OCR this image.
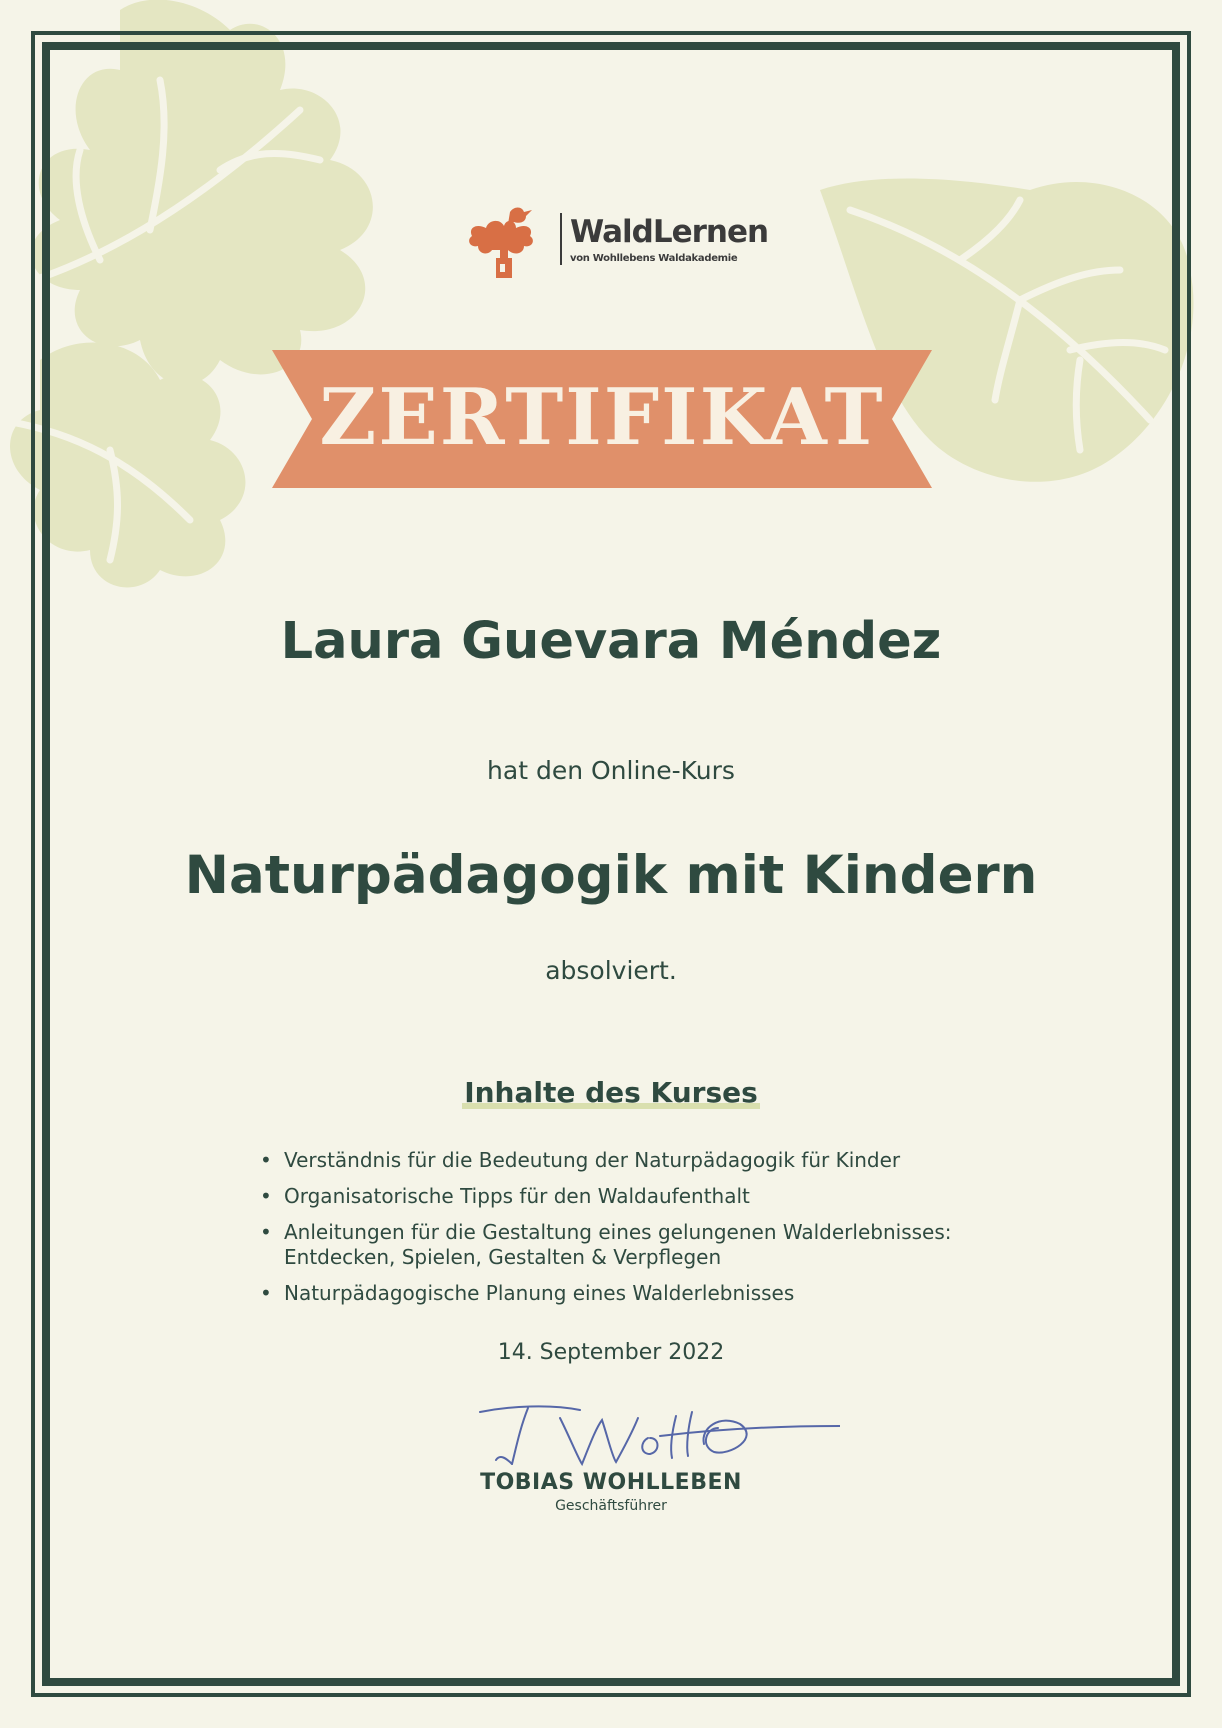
WaldLernen
von Wohllebens Waldakademie
ZERTIFIKAT
Laura Guevara Méndez
hat den Online-Kurs
Naturpädagogik mit Kindern
absolviert.
Inhalte des Kurses
• Verständnis für die Bedeutung der Naturpädagogik für Kinder
• Organisatorische Tipps für den Waldaufenthalt
• Anleitungen für die Gestaltung eines gelungenen Walderlebnisses: Entdecken, Spielen, Gestalten & Verpflegen
• Naturpädagogische Planung eines Walderlebnisses
14. September 2022
TOBIAS WOHLLEBEN
Geschäftsführer
